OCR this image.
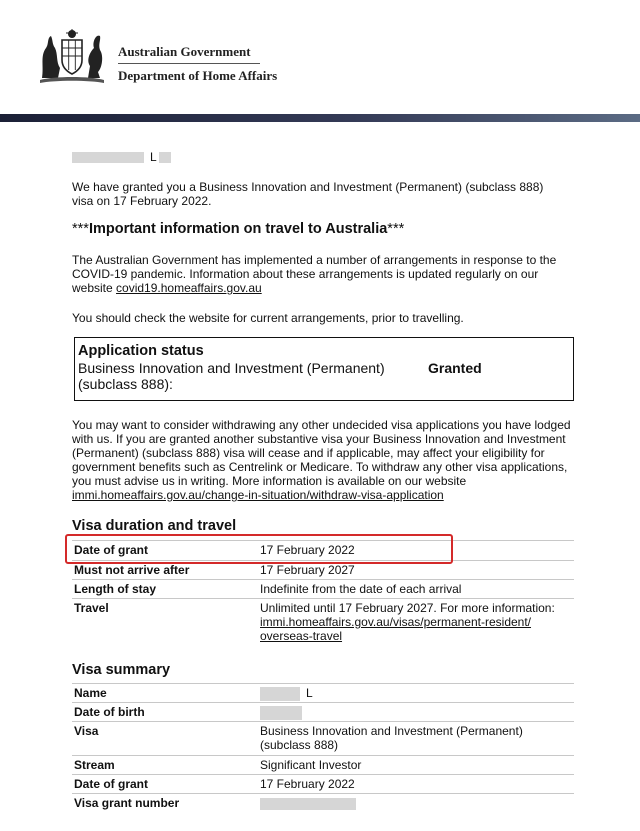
Australian Government
Department of Home Affairs
L
We have granted you a Business Innovation and Investment (Permanent) (subclass 888) visa on 17 February 2022.
***Important information on travel to Australia***
The Australian Government has implemented a number of arrangements in response to the COVID-19 pandemic. Information about these arrangements is updated regularly on our website covid19.homeaffairs.gov.au
You should check the website for current arrangements, prior to travelling.
Application status
Business Innovation and Investment (Permanent)	Granted
(subclass 888):
You may want to consider withdrawing any other undecided visa applications you have lodged with us. If you are granted another substantive visa your Business Innovation and Investment (Permanent) (subclass 888) visa will cease and if applicable, may affect your eligibility for government benefits such as Centrelink or Medicare. To withdraw any other visa applications, you must advise us in writing. More information is available on our website immi.homeaffairs.gov.au/change-in-situation/withdraw-visa-application
Visa duration and travel
Date of grant	17 February 2022
Must not arrive after	17 February 2027
Length of stay	Indefinite from the date of each arrival
Travel	Unlimited until 17 February 2027. For more information:
immi.homeaffairs.gov.au/visas/permanent-resident/ overseas-travel
Visa summary
Name	L
Date of birth
Visa	Business Innovation and Investment (Permanent) (subclass 888)
Stream	Significant Investor
Date of grant	17 February 2022
Visa grant number
